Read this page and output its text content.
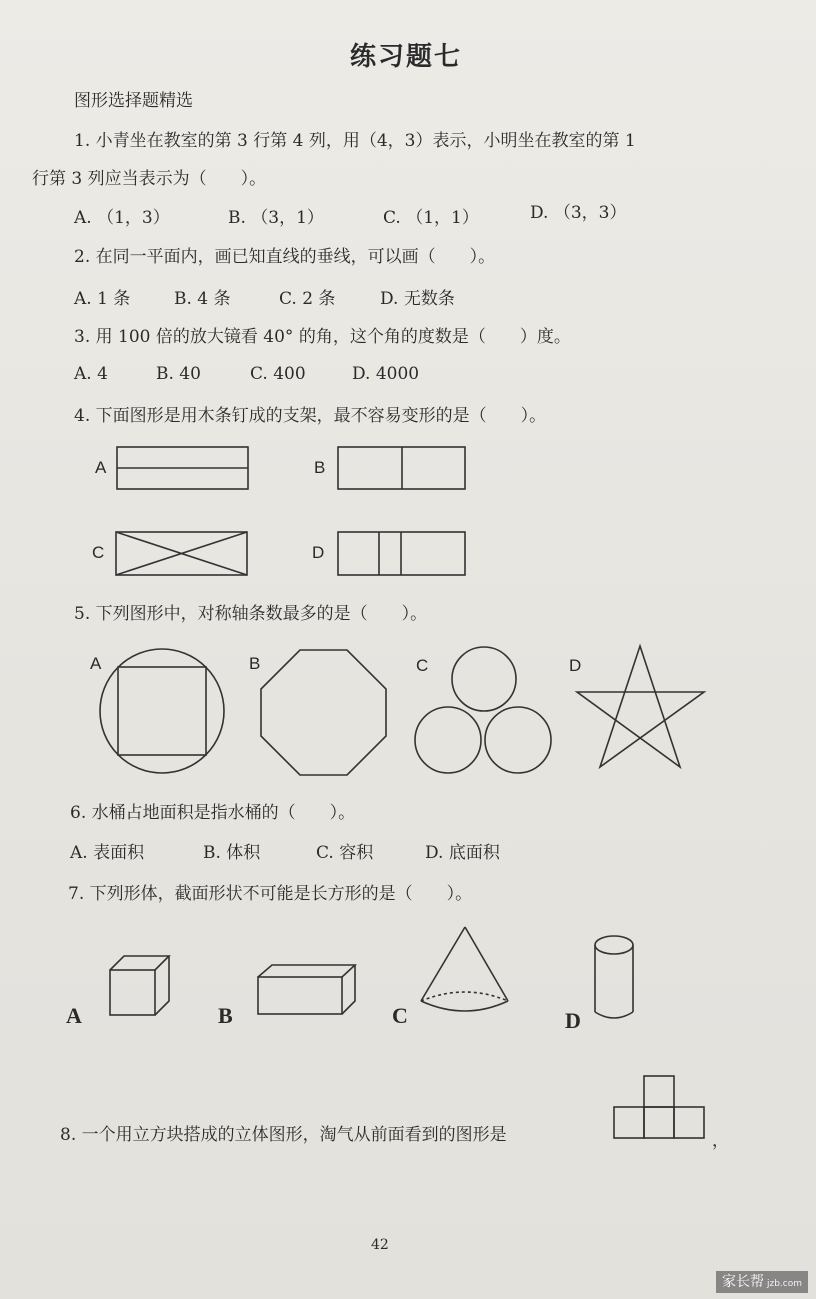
练习题七
图形选择题精选
1. 小青坐在教室的第 3 行第 4 列，用（4，3）表示，小明坐在教室的第 1
行第 3 列应当表示为（　　）。
A. （1，3）	B. （3，1）	C. （1，1）	D. （3，3）
2. 在同一平面内，画已知直线的垂线，可以画（　　）。
A. 1 条	B. 4 条	C. 2 条	D. 无数条
3. 用 100 倍的放大镜看 40° 的角，这个角的度数是（　　）度。
A. 4	B. 40	C. 400	D. 4000
4. 下面图形是用木条钉成的支架，最不容易变形的是（　　）。
A	B
C	D
5. 下列图形中，对称轴条数最多的是（　　）。
A	B	C	D
6. 水桶占地面积是指水桶的（　　）。
A. 表面积	B. 体积	C. 容积	D. 底面积
7. 下列形体，截面形状不可能是长方形的是（　　）。
A	B	C	D
8. 一个用立方块搭成的立体图形，淘气从前面看到的图形是	，
42
家长帮 jzb.com
